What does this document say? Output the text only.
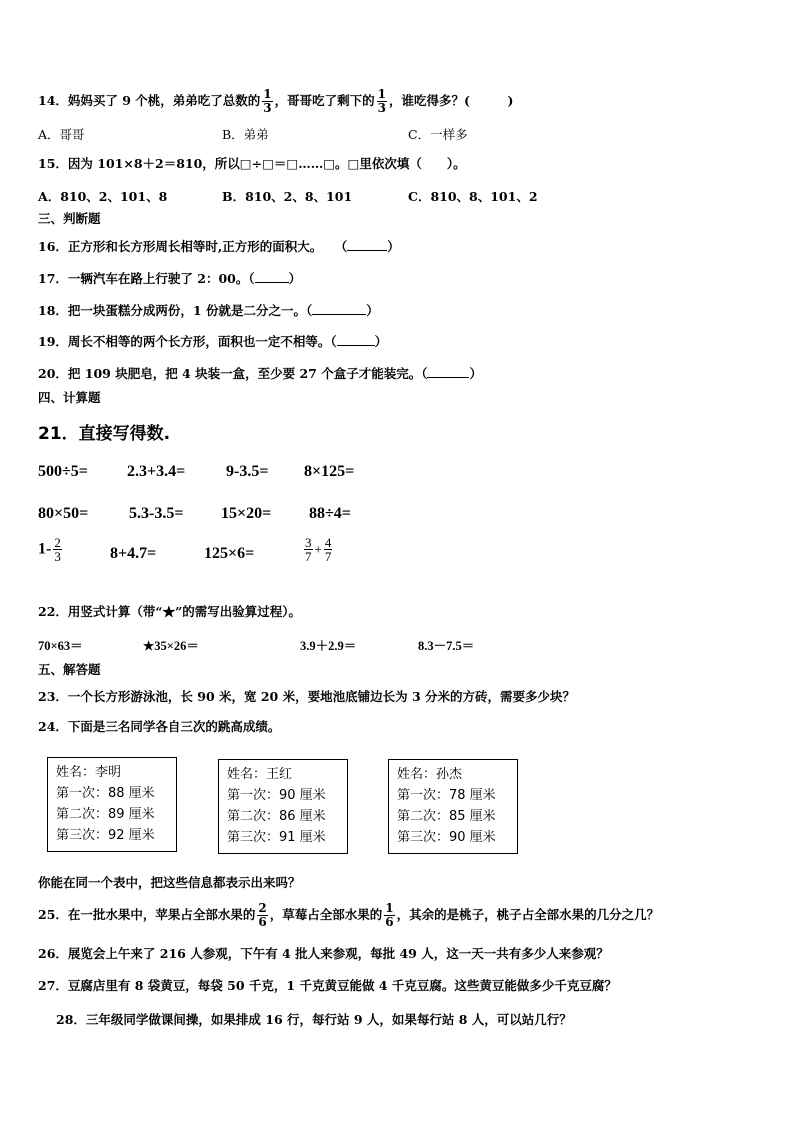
14．妈妈买了 9 个桃，弟弟吃了总数的 $\frac{1}{3}$ ，哥哥吃了剩下的 $\frac{1}{3}$ ，谁吃得多？(　　　)
A．哥哥	B．弟弟	C．一样多
15．因为 101×8＋2＝810，所以□÷□＝□……□。□里依次填（　　）。
A．810、2、101、8	B．810、2、8、101	C．810、8、101、2
三、判断题
16．正方形和长方形周长相等时,正方形的面积大。　　（	）
17．一辆汽车在路上行驶了 2：00。（	）
18．把一块蛋糕分成两份，1 份就是二分之一。（	）
19．周长不相等的两个长方形，面积也一定不相等。（	）
20．把 109 块肥皂，把 4 块装一盒，至少要 27 个盒子才能装完。（	）
四、计算题
21．直接写得数.
500÷5= 2.3+3.4=	9-3.5= 8×125=
80×50=	5.3-3.5= 15×20= 88÷4=
$1- \frac{2}{3}$	8+4.7=	125×6=	$\frac{3}{7} + \frac{4}{7}$
22．用竖式计算（带“★”的需写出验算过程）。
70×63＝	★35×26＝	3.9＋2.9＝	8.3－7.5＝
五、解答题
23．一个长方形游泳池，长 90 米，宽 20 米，要地池底铺边长为 3 分米的方砖，需要多少块？
24．下面是三名同学各自三次的跳高成绩。
姓名：李明
第一次：88 厘米
第二次：89 厘米
第三次：92 厘米
姓名：王红
第一次：90 厘米
第二次：86 厘米
第三次：91 厘米
姓名：孙杰
第一次：78 厘米
第二次：85 厘米
第三次：90 厘米
你能在同一个表中，把这些信息都表示出来吗？
25．在一批水果中，苹果占全部水果的 $\frac{2}{6}$ ，草莓占全部水果的 $\frac{1}{6}$ ，其余的是桃子，桃子占全部水果的几分之几？
26．展览会上午来了 216 人参观，下午有 4 批人来参观，每批 49 人，这一天一共有多少人来参观？
27．豆腐店里有 8 袋黄豆，每袋 50 千克，1 千克黄豆能做 4 千克豆腐。这些黄豆能做多少千克豆腐？
28．三年级同学做课间操，如果排成 16 行，每行站 9 人，如果每行站 8 人，可以站几行？
